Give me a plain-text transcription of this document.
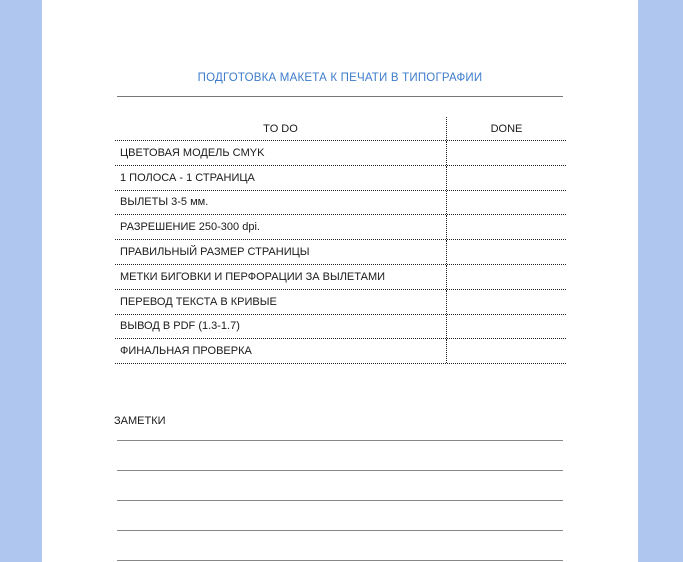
ПОДГОТОВКА МАКЕТА К ПЕЧАТИ В ТИПОГРАФИИ
TO DO	DONE
ЦВЕТОВАЯ МОДЕЛЬ CMYK
1 ПОЛОСА - 1 СТРАНИЦА
ВЫЛЕТЫ 3-5 мм.
РАЗРЕШЕНИЕ 250-300 dpi.
ПРАВИЛЬНЫЙ РАЗМЕР СТРАНИЦЫ
МЕТКИ БИГОВКИ И ПЕРФОРАЦИИ ЗА ВЫЛЕТАМИ
ПЕРЕВОД ТЕКСТА В КРИВЫЕ
ВЫВОД В PDF (1.3-1.7)
ФИНАЛЬНАЯ ПРОВЕРКА
ЗАМЕТКИ
